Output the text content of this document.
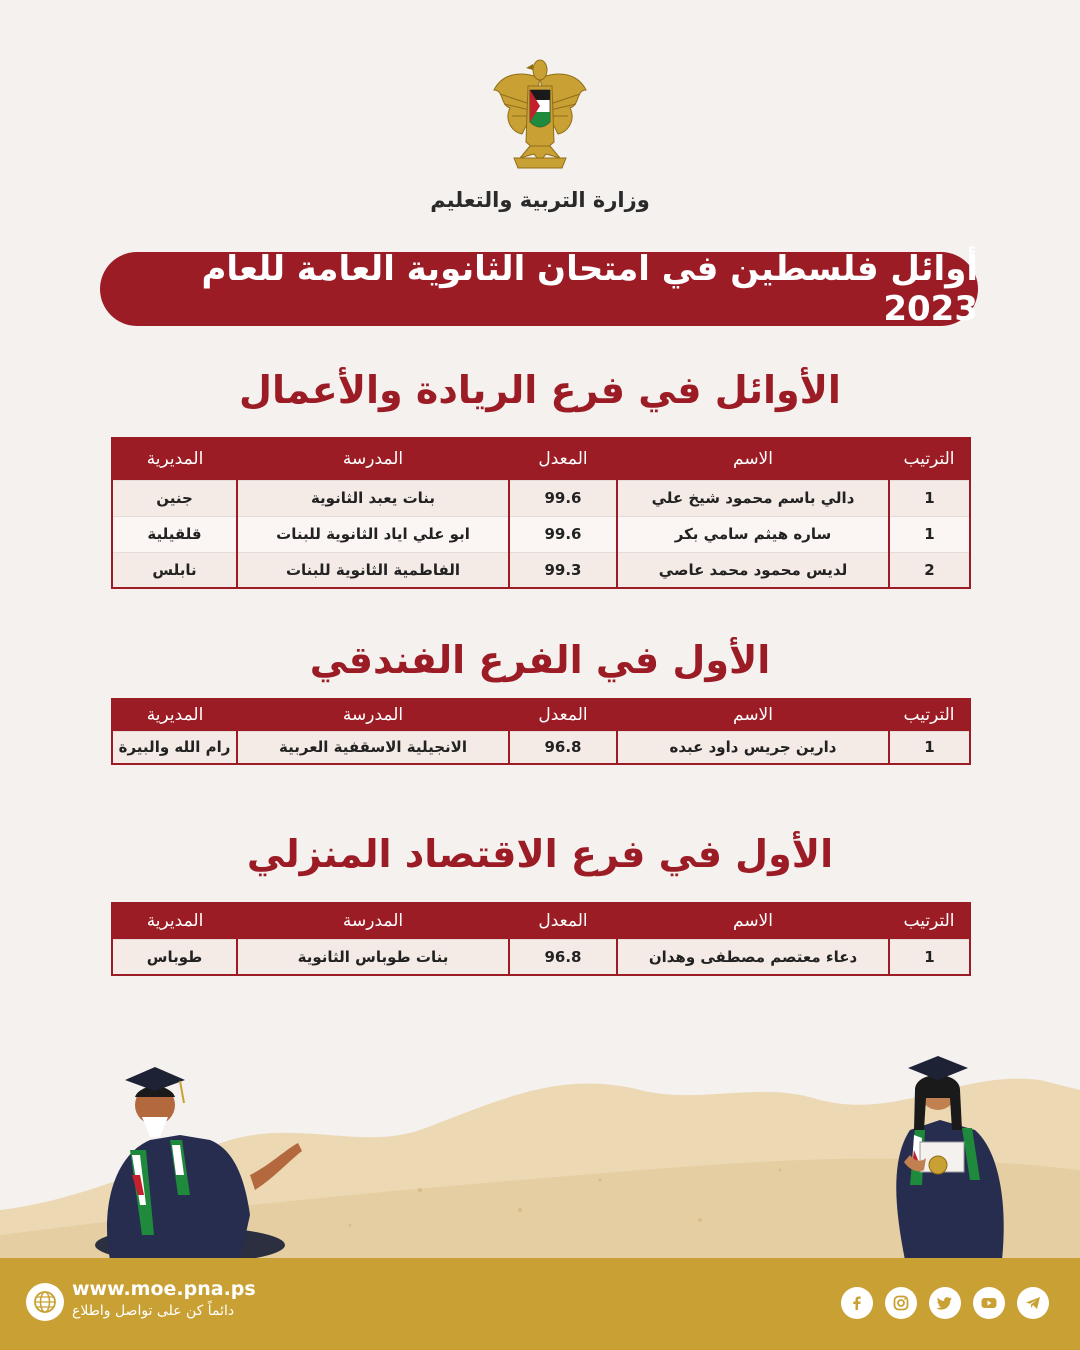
وزارة التربية والتعليم
أوائل فلسطين في امتحان الثانوية العامة للعام 2023
الأوائل في فرع الريادة والأعمال
الترتيب	الاسم	المعدل	المدرسة	المديرية
1	دالي باسم محمود شيخ علي	99.6	بنات يعبد الثانوية	جنين
1	ساره هيثم سامي بكر	99.6	ابو علي اياد الثانوية للبنات	قلقيلية
2	لديس محمود محمد عاصي	99.3	الفاطمية الثانوية للبنات	نابلس
الأول في الفرع الفندقي
الترتيب	الاسم	المعدل	المدرسة	المديرية
1	دارين جريس داود عبده	96.8	الانجيلية الاسقفية العربية	رام الله والبيرة
الأول في فرع الاقتصاد المنزلي
الترتيب	الاسم	المعدل	المدرسة	المديرية
1	دعاء معتصم مصطفى وهدان	96.8	بنات طوباس الثانوية	طوباس
www.moe.pna.ps
دائماً كن على تواصل واطلاع
